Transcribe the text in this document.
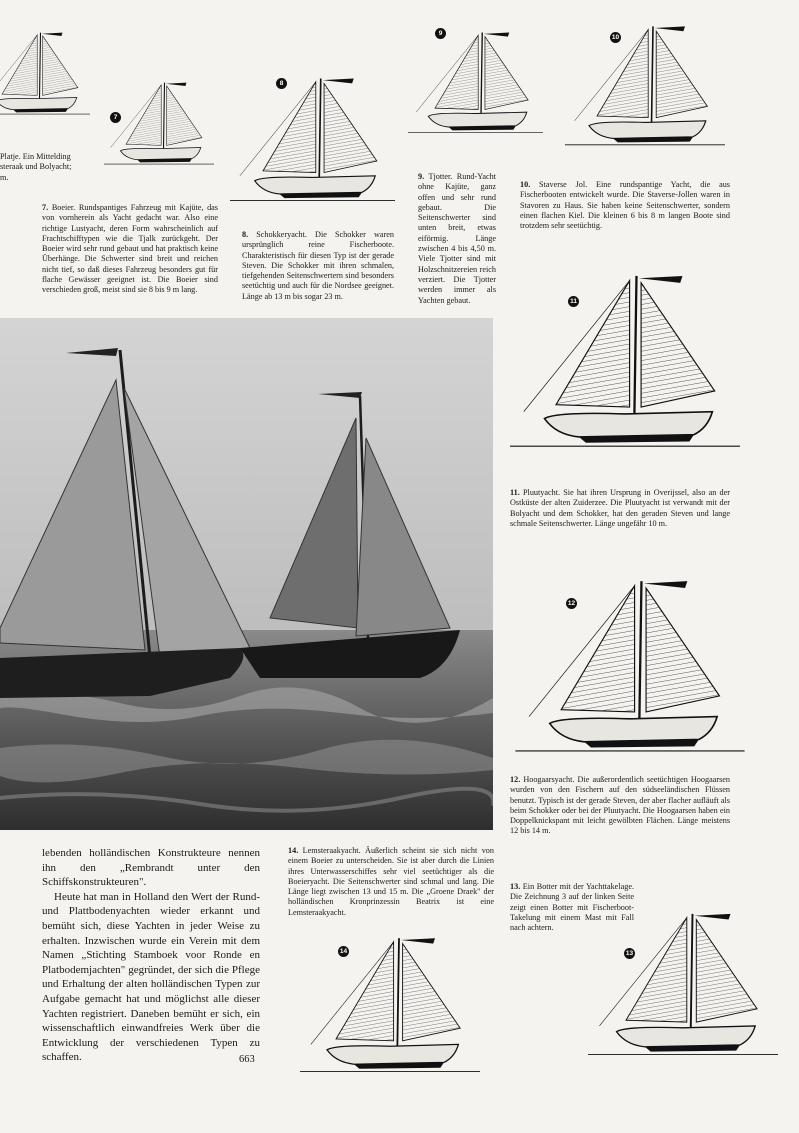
Platje. Ein Mittelding
steraak und Bolyacht;
m.
7
7. Boeier. Rundspantiges Fahrzeug mit Kajüte, das von vornherein als Yacht gedacht war. Also eine richtige Lustyacht, deren Form wahrscheinlich auf Frachtschifftypen wie die Tjalk zurückgeht. Der Boeier wird sehr rund gebaut und hat praktisch keine Überhänge. Die Schwerter sind breit und reichen nicht tief, so daß dieses Fahrzeug besonders gut für flache Gewässer geeignet ist. Die Boeier sind verschieden groß, meist sind sie 8 bis 9 m lang.
8
8. Schokkeryacht. Die Schokker waren ursprünglich reine Fischerboote. Charakteristisch für diesen Typ ist der gerade Steven. Die Schokker mit ihren schmalen, tiefgehenden Seitenschwertern sind besonders seetüchtig und auch für die Nordsee geeignet. Länge ab 13 m bis sogar 23 m.
9
9. Tjotter. Rund-Yacht ohne Kajüte, ganz offen und sehr rund gebaut. Die Seitenschwerter sind unten breit, etwas eiförmig. Länge zwischen 4 bis 4,50 m. Viele Tjotter sind mit Holzschnitzereien reich verziert. Die Tjotter werden immer als Yachten gebaut.
10
10. Staverse Jol. Eine rundspantige Yacht, die aus Fischerbooten entwickelt wurde. Die Staverse-Jollen waren in Stavoren zu Haus. Sie haben keine Seitenschwerter, sondern einen flachen Kiel. Die kleinen 6 bis 8 m langen Boote sind trotzdem sehr seetüchtig.
11
11. Pluutyacht. Sie hat ihren Ursprung in Overijssel, also an der Ostküste der alten Zuiderzee. Die Pluutyacht ist verwandt mit der Bolyacht und dem Schokker, hat den geraden Steven und lange schmale Seitenschwerter. Länge ungefähr 10 m.
12
12. Hoogaarsyacht. Die außerordentlich seetüchtigen Hoogaarsen wurden von den Fischern auf den südseeländischen Flüssen benutzt. Typisch ist der gerade Steven, der aber flacher aufläuft als beim Schokker oder bei der Pluutyacht. Die Hoogaarsen haben ein Doppelknickspant mit leicht gewölbten Flächen. Länge meistens 12 bis 14 m.
14
14. Lemsteraakyacht. Äußerlich scheint sie sich nicht von einem Boeier zu unterscheiden. Sie ist aber durch die Linien ihres Unterwasserschiffes sehr viel seetüchtiger als die Boeieryacht. Die Seitenschwerter sind schmal und lang. Die Länge liegt zwischen 13 und 15 m. Die „Groene Draek" der holländischen Kronprinzessin Beatrix ist eine Lemsteraakyacht.
13
13. Ein Botter mit der Yachttakelage. Die Zeichnung 3 auf der linken Seite zeigt einen Botter mit Fischerboot-Takelung mit einem Mast mit Fall nach achtern.

lebenden holländischen Konstrukteure nennen ihn den „Rembrandt unter den Schiffskonstrukteuren".

Heute hat man in Holland den Wert der Rund- und Plattbodenyachten wieder erkannt und bemüht sich, diese Yachten in jeder Weise zu erhalten. Inzwischen wurde ein Verein mit dem Namen „Stichting Stamboek voor Ronde en Platbodemjachten" gegründet, der sich die Pflege und Erhaltung der alten holländischen Typen zur Aufgabe gemacht hat und möglichst alle dieser Yachten registriert. Daneben bemüht er sich, ein wissenschaftlich einwandfreies Werk über die Entwicklung der verschiedenen Typen zu schaffen.	663
